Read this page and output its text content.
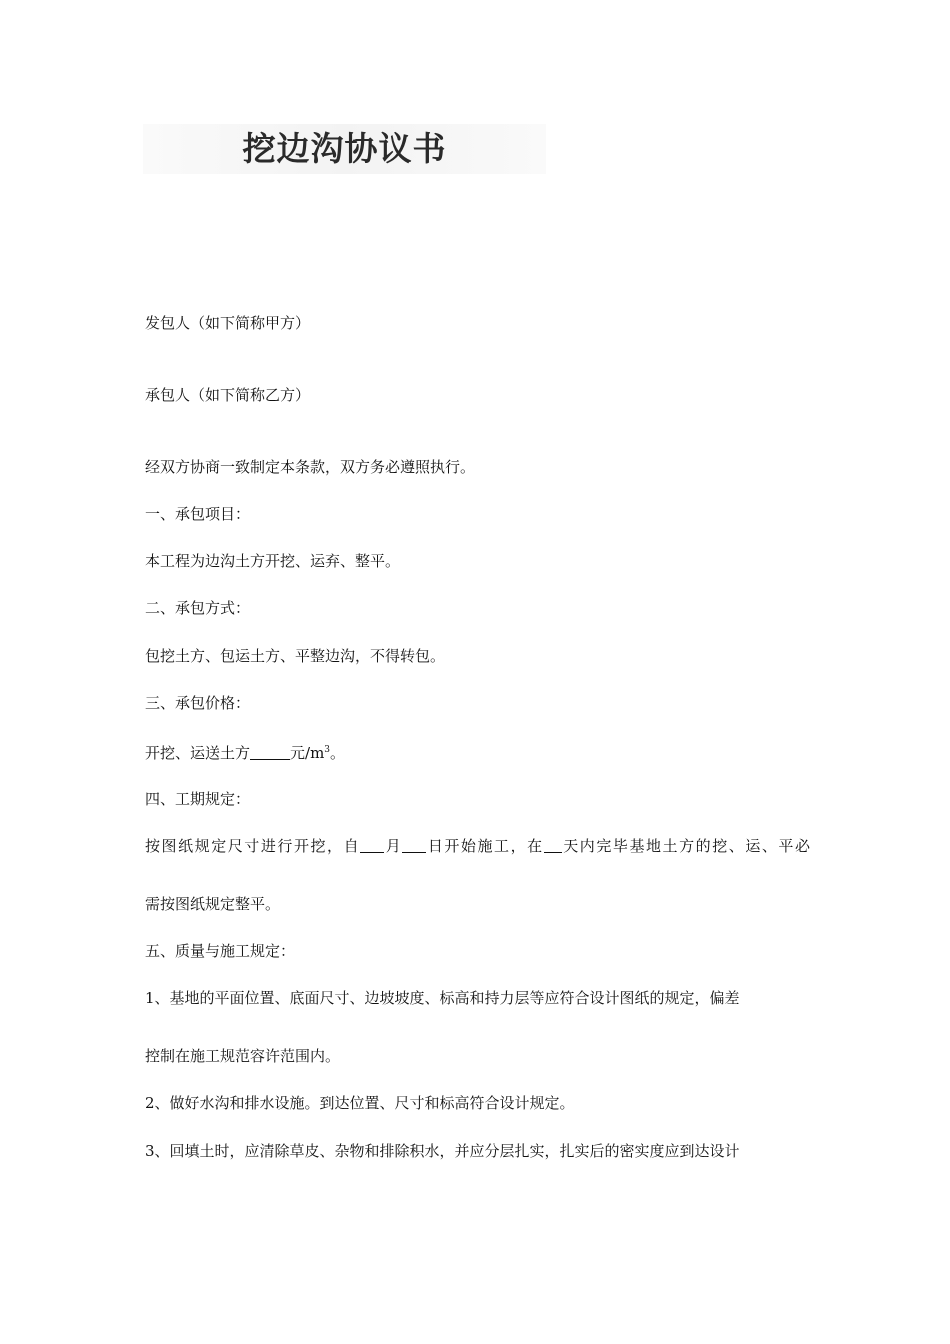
挖边沟协议书
发包人（如下简称甲方）
承包人（如下简称乙方）
经双方协商一致制定本条款，双方务必遵照执行。
一、承包项目：
本工程为边沟土方开挖、运弃、整平。
二、承包方式：
包挖土方、包运土方、平整边沟，不得转包。
三、承包价格：
开挖、运送土方	元$/m^3$。
四、工期规定：
按图纸规定尺寸进行开挖，自 月 日开始施工，在 天内完毕基地土方的挖、运、平必
需按图纸规定整平。
五、质量与施工规定：
1、基地的平面位置、底面尺寸、边坡坡度、标高和持力层等应符合设计图纸的规定，偏差
控制在施工规范容许范围内。
2、做好水沟和排水设施。到达位置、尺寸和标高符合设计规定。
3、回填土时，应清除草皮、杂物和排除积水，并应分层扎实，扎实后的密实度应到达设计
